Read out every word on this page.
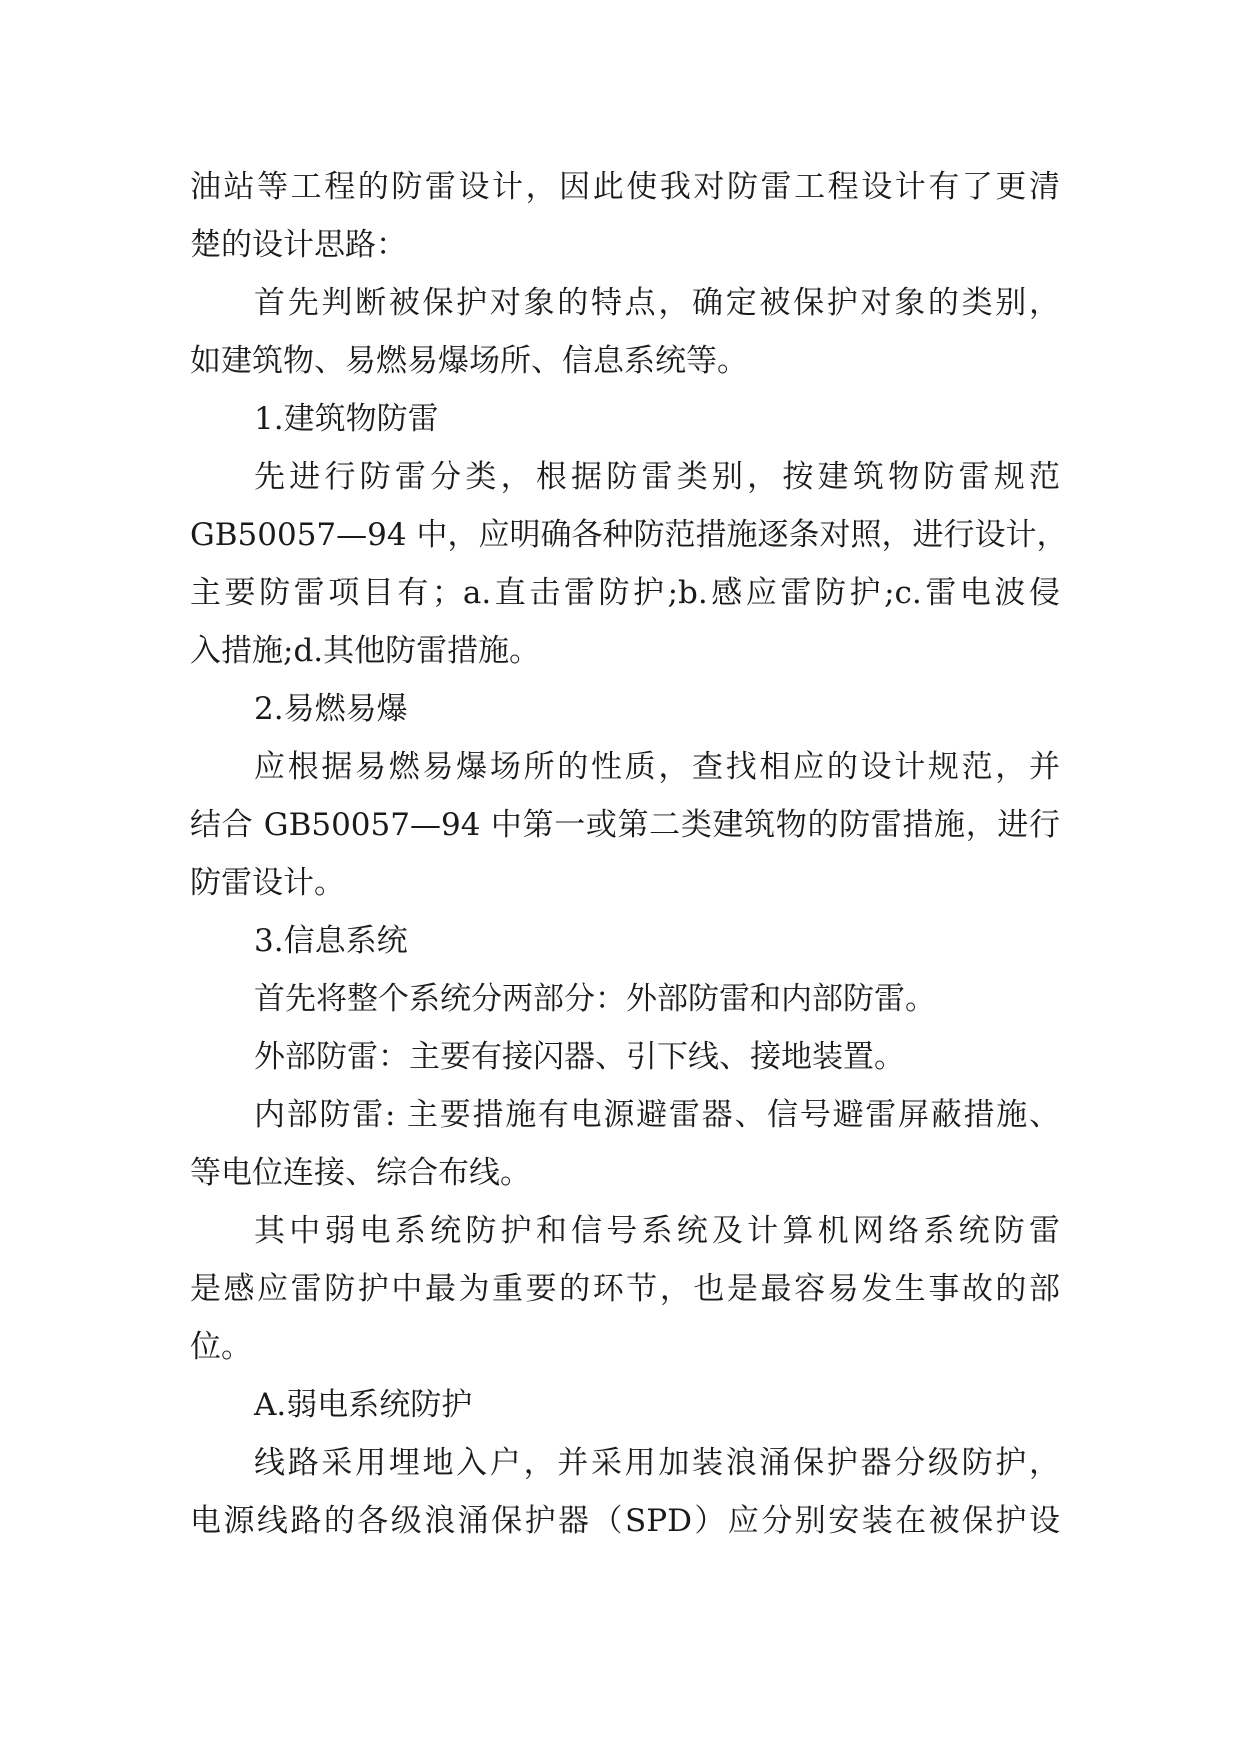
油站等工程的防雷设计，因此使我对防雷工程设计有了更清
楚的设计思路：
首先判断被保护对象的特点，确定被保护对象的类别，
如建筑物、易燃易爆场所、信息系统等。
1.建筑物防雷
先进行防雷分类，根据防雷类别，按建筑物防雷规范
GB50057—94 中，应明确各种防范措施逐条对照，进行设计，
主要防雷项目有；a.直击雷防护;b.感应雷防护;c.雷电波侵
入措施;d.其他防雷措施。
2.易燃易爆
应根据易燃易爆场所的性质，查找相应的设计规范，并
结合 GB50057—94 中第一或第二类建筑物的防雷措施，进行
防雷设计。
3.信息系统
首先将整个系统分两部分：外部防雷和内部防雷。
外部防雷：主要有接闪器、引下线、接地装置。
内部防雷: 主要措施有电源避雷器、信号避雷屏蔽措施、
等电位连接、综合布线。
其中弱电系统防护和信号系统及计算机网络系统防雷
是感应雷防护中最为重要的环节，也是最容易发生事故的部
位。
A.弱电系统防护
线路采用埋地入户，并采用加装浪涌保护器分级防护，
电源线路的各级浪涌保护器（SPD）应分别安装在被保护设
